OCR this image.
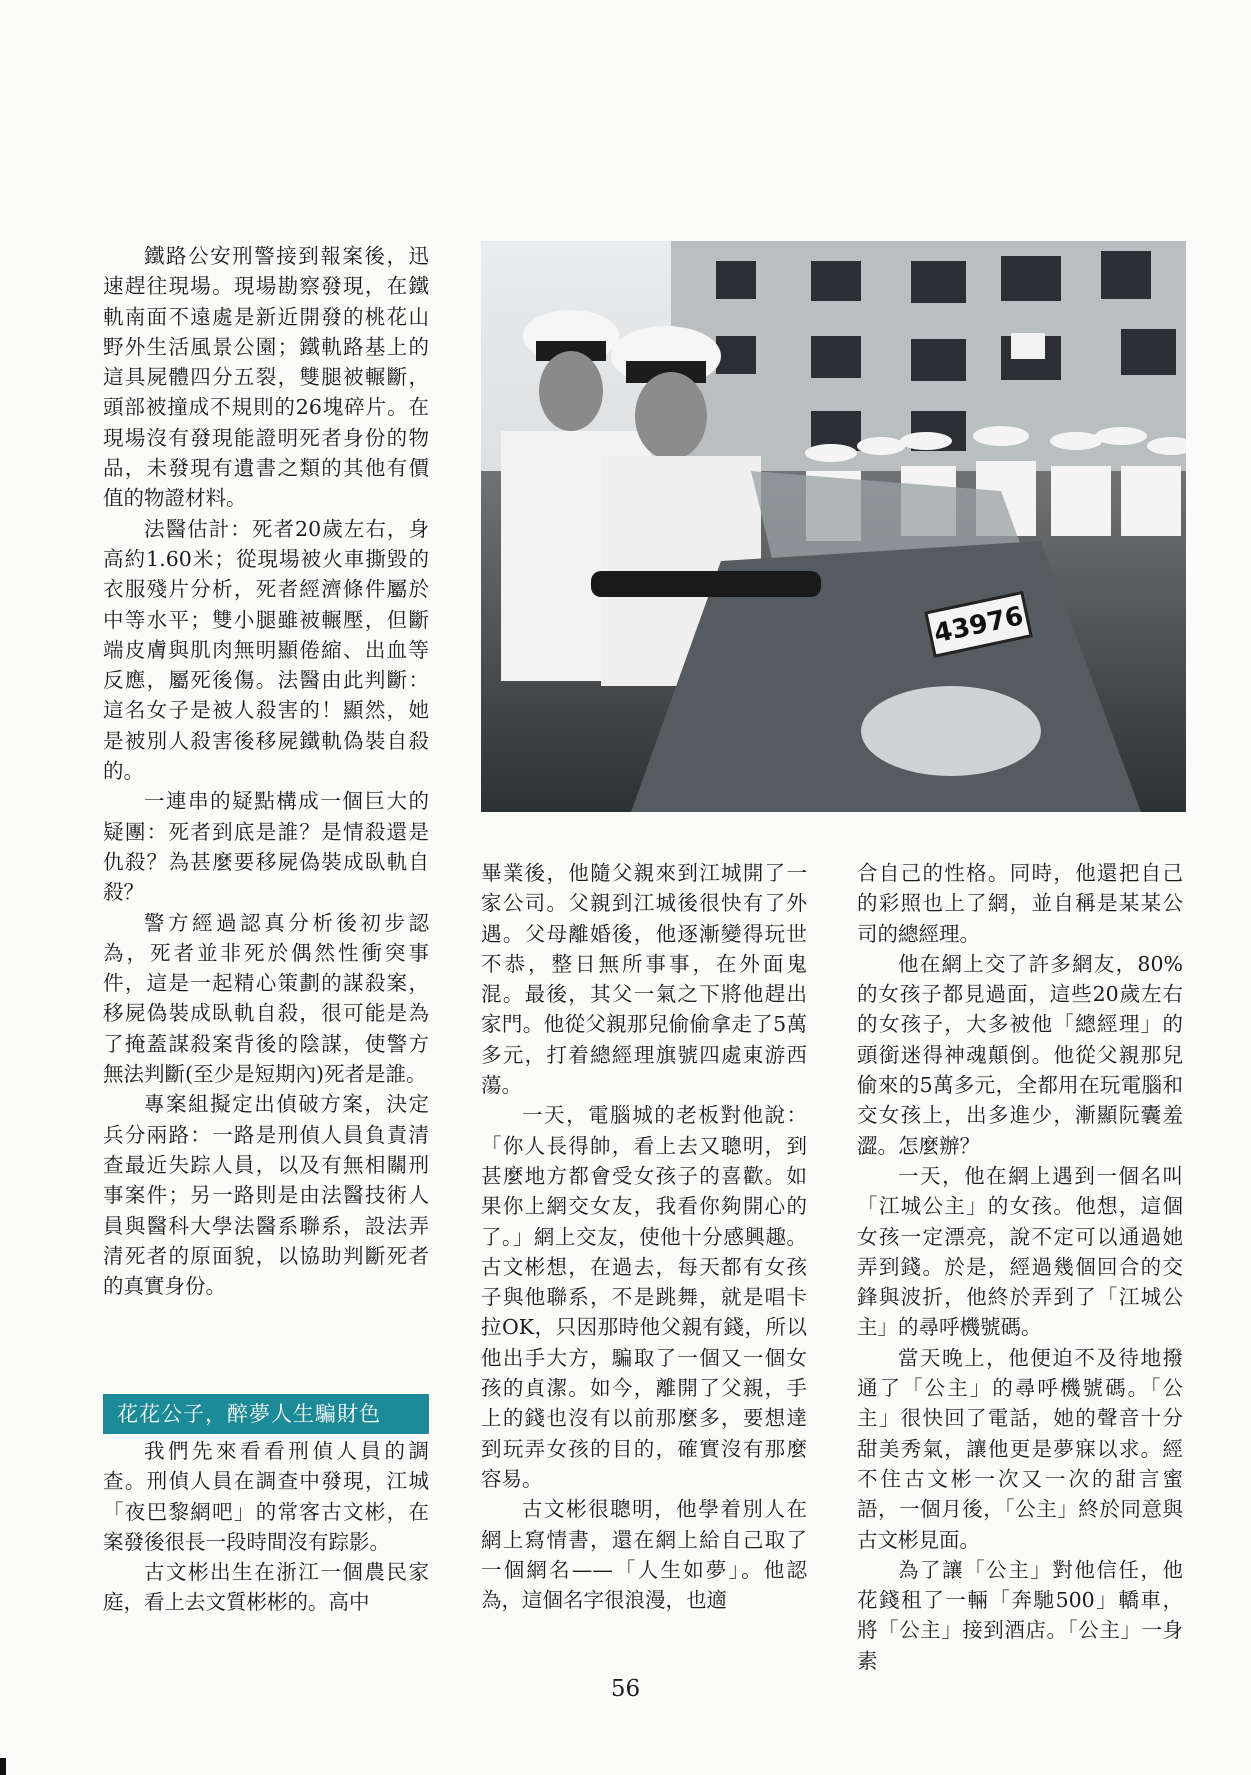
鐵路公安刑警接到報案後，迅速趕往現場。現場勘察發現，在鐵軌南面不遠處是新近開發的桃花山野外生活風景公園；鐵軌路基上的這具屍體四分五裂，雙腿被輾斷，頭部被撞成不規則的26塊碎片。在現場沒有發現能證明死者身份的物品，未發現有遺書之類的其他有價值的物證材料。

法醫估計：死者20歲左右，身高約1.60米；從現場被火車撕毀的衣服殘片分析，死者經濟條件屬於中等水平；雙小腿雖被輾壓，但斷端皮膚與肌肉無明顯倦縮、出血等反應，屬死後傷。法醫由此判斷：這名女子是被人殺害的！顯然，她是被別人殺害後移屍鐵軌偽裝自殺的。

一連串的疑點構成一個巨大的疑團：死者到底是誰？是情殺還是仇殺？為甚麼要移屍偽裝成臥軌自殺？

警方經過認真分析後初步認為，死者並非死於偶然性衝突事件，這是一起精心策劃的謀殺案，移屍偽裝成臥軌自殺，很可能是為了掩蓋謀殺案背後的陰謀，使警方無法判斷(至少是短期內)死者是誰。

專案組擬定出偵破方案，決定兵分兩路：一路是刑偵人員負責清查最近失踪人員，以及有無相關刑事案件；另一路則是由法醫技術人員與醫科大學法醫系聯系，設法弄清死者的原面貌，以協助判斷死者的真實身份。

花花公子，醉夢人生騙財色

我們先來看看刑偵人員的調查。刑偵人員在調查中發現，江城「夜巴黎網吧」的常客古文彬，在案發後很長一段時間沒有踪影。

古文彬出生在浙江一個農民家庭，看上去文質彬彬的。高中

43976

畢業後，他隨父親來到江城開了一家公司。父親到江城後很快有了外遇。父母離婚後，他逐漸變得玩世不恭，整日無所事事，在外面鬼混。最後，其父一氣之下將他趕出家門。他從父親那兒偷偷拿走了5萬多元，打着總經理旗號四處東游西蕩。

一天，電腦城的老板對他說：「你人長得帥，看上去又聰明，到甚麼地方都會受女孩子的喜歡。如果你上網交女友，我看你夠開心的了。」網上交友，使他十分感興趣。古文彬想，在過去，每天都有女孩子與他聯系，不是跳舞，就是唱卡拉OK，只因那時他父親有錢，所以他出手大方，騙取了一個又一個女孩的貞潔。如今，離開了父親，手上的錢也沒有以前那麼多，要想達到玩弄女孩的目的，確實沒有那麼容易。

古文彬很聰明，他學着別人在網上寫情書，還在網上給自己取了一個網名——「人生如夢」。他認為，這個名字很浪漫，也適

合自己的性格。同時，他還把自己的彩照也上了網，並自稱是某某公司的總經理。

他在網上交了許多網友，80%的女孩子都見過面，這些20歲左右的女孩子，大多被他「總經理」的頭銜迷得神魂顛倒。他從父親那兒偷來的5萬多元，全都用在玩電腦和交女孩上，出多進少，漸顯阮囊羞澀。怎麼辦？

一天，他在網上遇到一個名叫「江城公主」的女孩。他想，這個女孩一定漂亮，說不定可以通過她弄到錢。於是，經過幾個回合的交鋒與波折，他終於弄到了「江城公主」的尋呼機號碼。

當天晚上，他便迫不及待地撥通了「公主」的尋呼機號碼。「公主」很快回了電話，她的聲音十分甜美秀氣，讓他更是夢寐以求。經不住古文彬一次又一次的甜言蜜語，一個月後，「公主」終於同意與古文彬見面。

為了讓「公主」對他信任，他花錢租了一輛「奔馳500」轎車，將「公主」接到酒店。「公主」一身素

56
